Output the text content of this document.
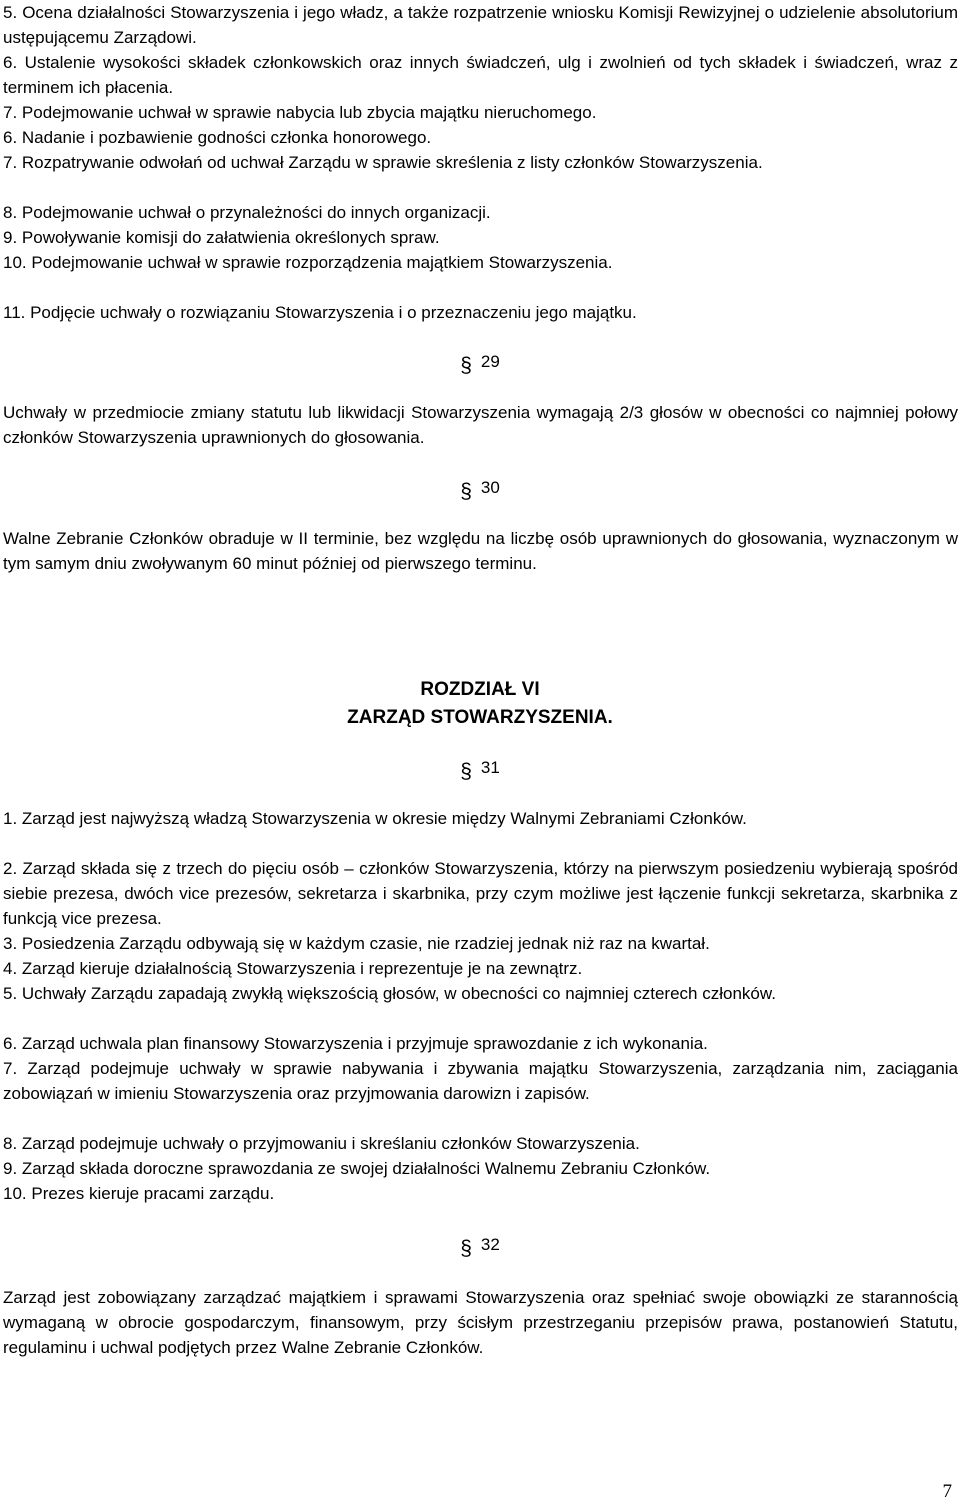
5. Ocena działalności Stowarzyszenia i jego władz, a także rozpatrzenie wniosku Komisji Rewizyjnej o udzielenie absolutorium ustępującemu Zarządowi.

6. Ustalenie wysokości składek członkowskich oraz innych świadczeń, ulg i zwolnień od tych składek i świadczeń, wraz z terminem ich płacenia.

7. Podejmowanie uchwał w sprawie nabycia lub zbycia majątku nieruchomego.

6. Nadanie i pozbawienie godności członka honorowego.

7. Rozpatrywanie odwołań od uchwał Zarządu w sprawie skreślenia z listy członków Stowarzyszenia.

8. Podejmowanie uchwał o przynależności do innych organizacji.

9. Powoływanie komisji do załatwienia określonych spraw.

10. Podejmowanie uchwał w sprawie rozporządzenia majątkiem Stowarzyszenia.

11. Podjęcie uchwały o rozwiązaniu Stowarzyszenia i o przeznaczeniu jego majątku.

§ 29

Uchwały w przedmiocie zmiany statutu lub likwidacji Stowarzyszenia wymagają 2/3 głosów w obecności co najmniej połowy członków Stowarzyszenia uprawnionych do głosowania.

§ 30

Walne Zebranie Członków obraduje w II terminie, bez względu na liczbę osób uprawnionych do głosowania, wyznaczonym w tym samym dniu zwoływanym 60 minut później od pierwszego terminu.

ROZDZIAŁ VI
ZARZĄD STOWARZYSZENIA.
§ 31

1. Zarząd jest najwyższą władzą Stowarzyszenia w okresie między Walnymi Zebraniami Członków.

2. Zarząd składa się z trzech do pięciu osób – członków Stowarzyszenia, którzy na pierwszym posiedzeniu wybierają spośród siebie prezesa, dwóch vice prezesów, sekretarza i skarbnika, przy czym możliwe jest łączenie funkcji sekretarza, skarbnika z funkcją vice prezesa.

3. Posiedzenia Zarządu odbywają się w każdym czasie, nie rzadziej jednak niż raz na kwartał.

4. Zarząd kieruje działalnością Stowarzyszenia i reprezentuje je na zewnątrz.

5. Uchwały Zarządu zapadają zwykłą większością głosów, w obecności co najmniej czterech członków.

6. Zarząd uchwala plan finansowy Stowarzyszenia i przyjmuje sprawozdanie z ich wykonania.

7. Zarząd podejmuje uchwały w sprawie nabywania i zbywania majątku Stowarzyszenia, zarządzania nim, zaciągania zobowiązań w imieniu Stowarzyszenia oraz przyjmowania darowizn i zapisów.

8. Zarząd podejmuje uchwały o przyjmowaniu i skreślaniu członków Stowarzyszenia.

9. Zarząd składa doroczne sprawozdania ze swojej działalności Walnemu Zebraniu Członków.

10. Prezes kieruje pracami zarządu.

§ 32

Zarząd jest zobowiązany zarządzać majątkiem i sprawami Stowarzyszenia oraz spełniać swoje obowiązki ze starannością wymaganą w obrocie gospodarczym, finansowym, przy ścisłym przestrzeganiu przepisów prawa, postanowień Statutu, regulaminu i uchwal podjętych przez Walne Zebranie Członków.

7
